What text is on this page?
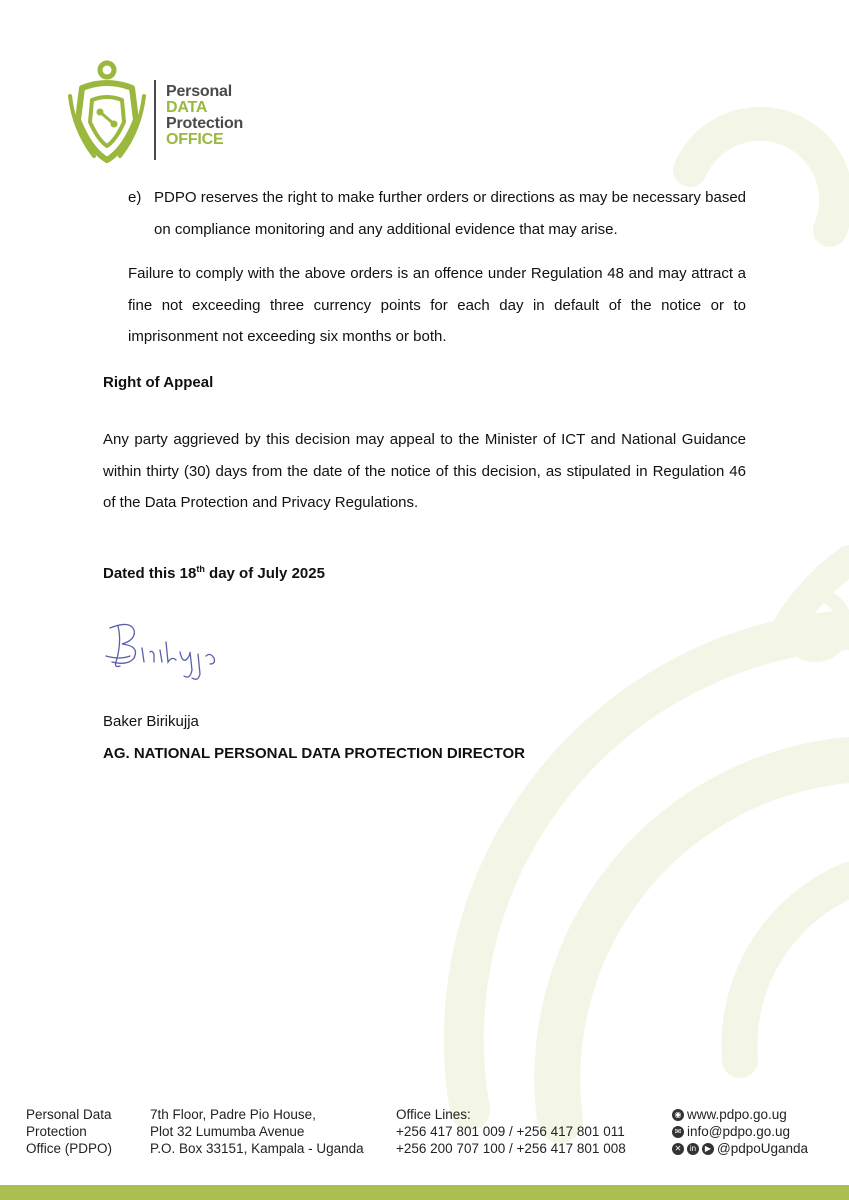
Personal
DATA
Protection
OFFICE
e) PDPO reserves the right to make further orders or directions as may be necessary based on compliance monitoring and any additional evidence that may arise.
Failure to comply with the above orders is an offence under Regulation 48 and may attract a fine not exceeding three currency points for each day in default of the notice or to imprisonment not exceeding six months or both.
Right of Appeal
Any party aggrieved by this decision may appeal to the Minister of ICT and National Guidance within thirty (30) days from the date of the notice of this decision, as stipulated in Regulation 46 of the Data Protection and Privacy Regulations.
Dated this 18th day of July 2025
Baker Birikujja
AG. NATIONAL PERSONAL DATA PROTECTION DIRECTOR
Personal Data
Protection
Office (PDPO)
7th Floor, Padre Pio House,
Plot 32 Lumumba Avenue
P.O. Box 33151, Kampala - Uganda
Office Lines:
+256 417 801 009 / +256 417 801 011
+256 200 707 100 / +256 417 801 008
◉ www.pdpo.go.ug
✉ info@pdpo.go.ug
✕	in	▶ @pdpoUganda
